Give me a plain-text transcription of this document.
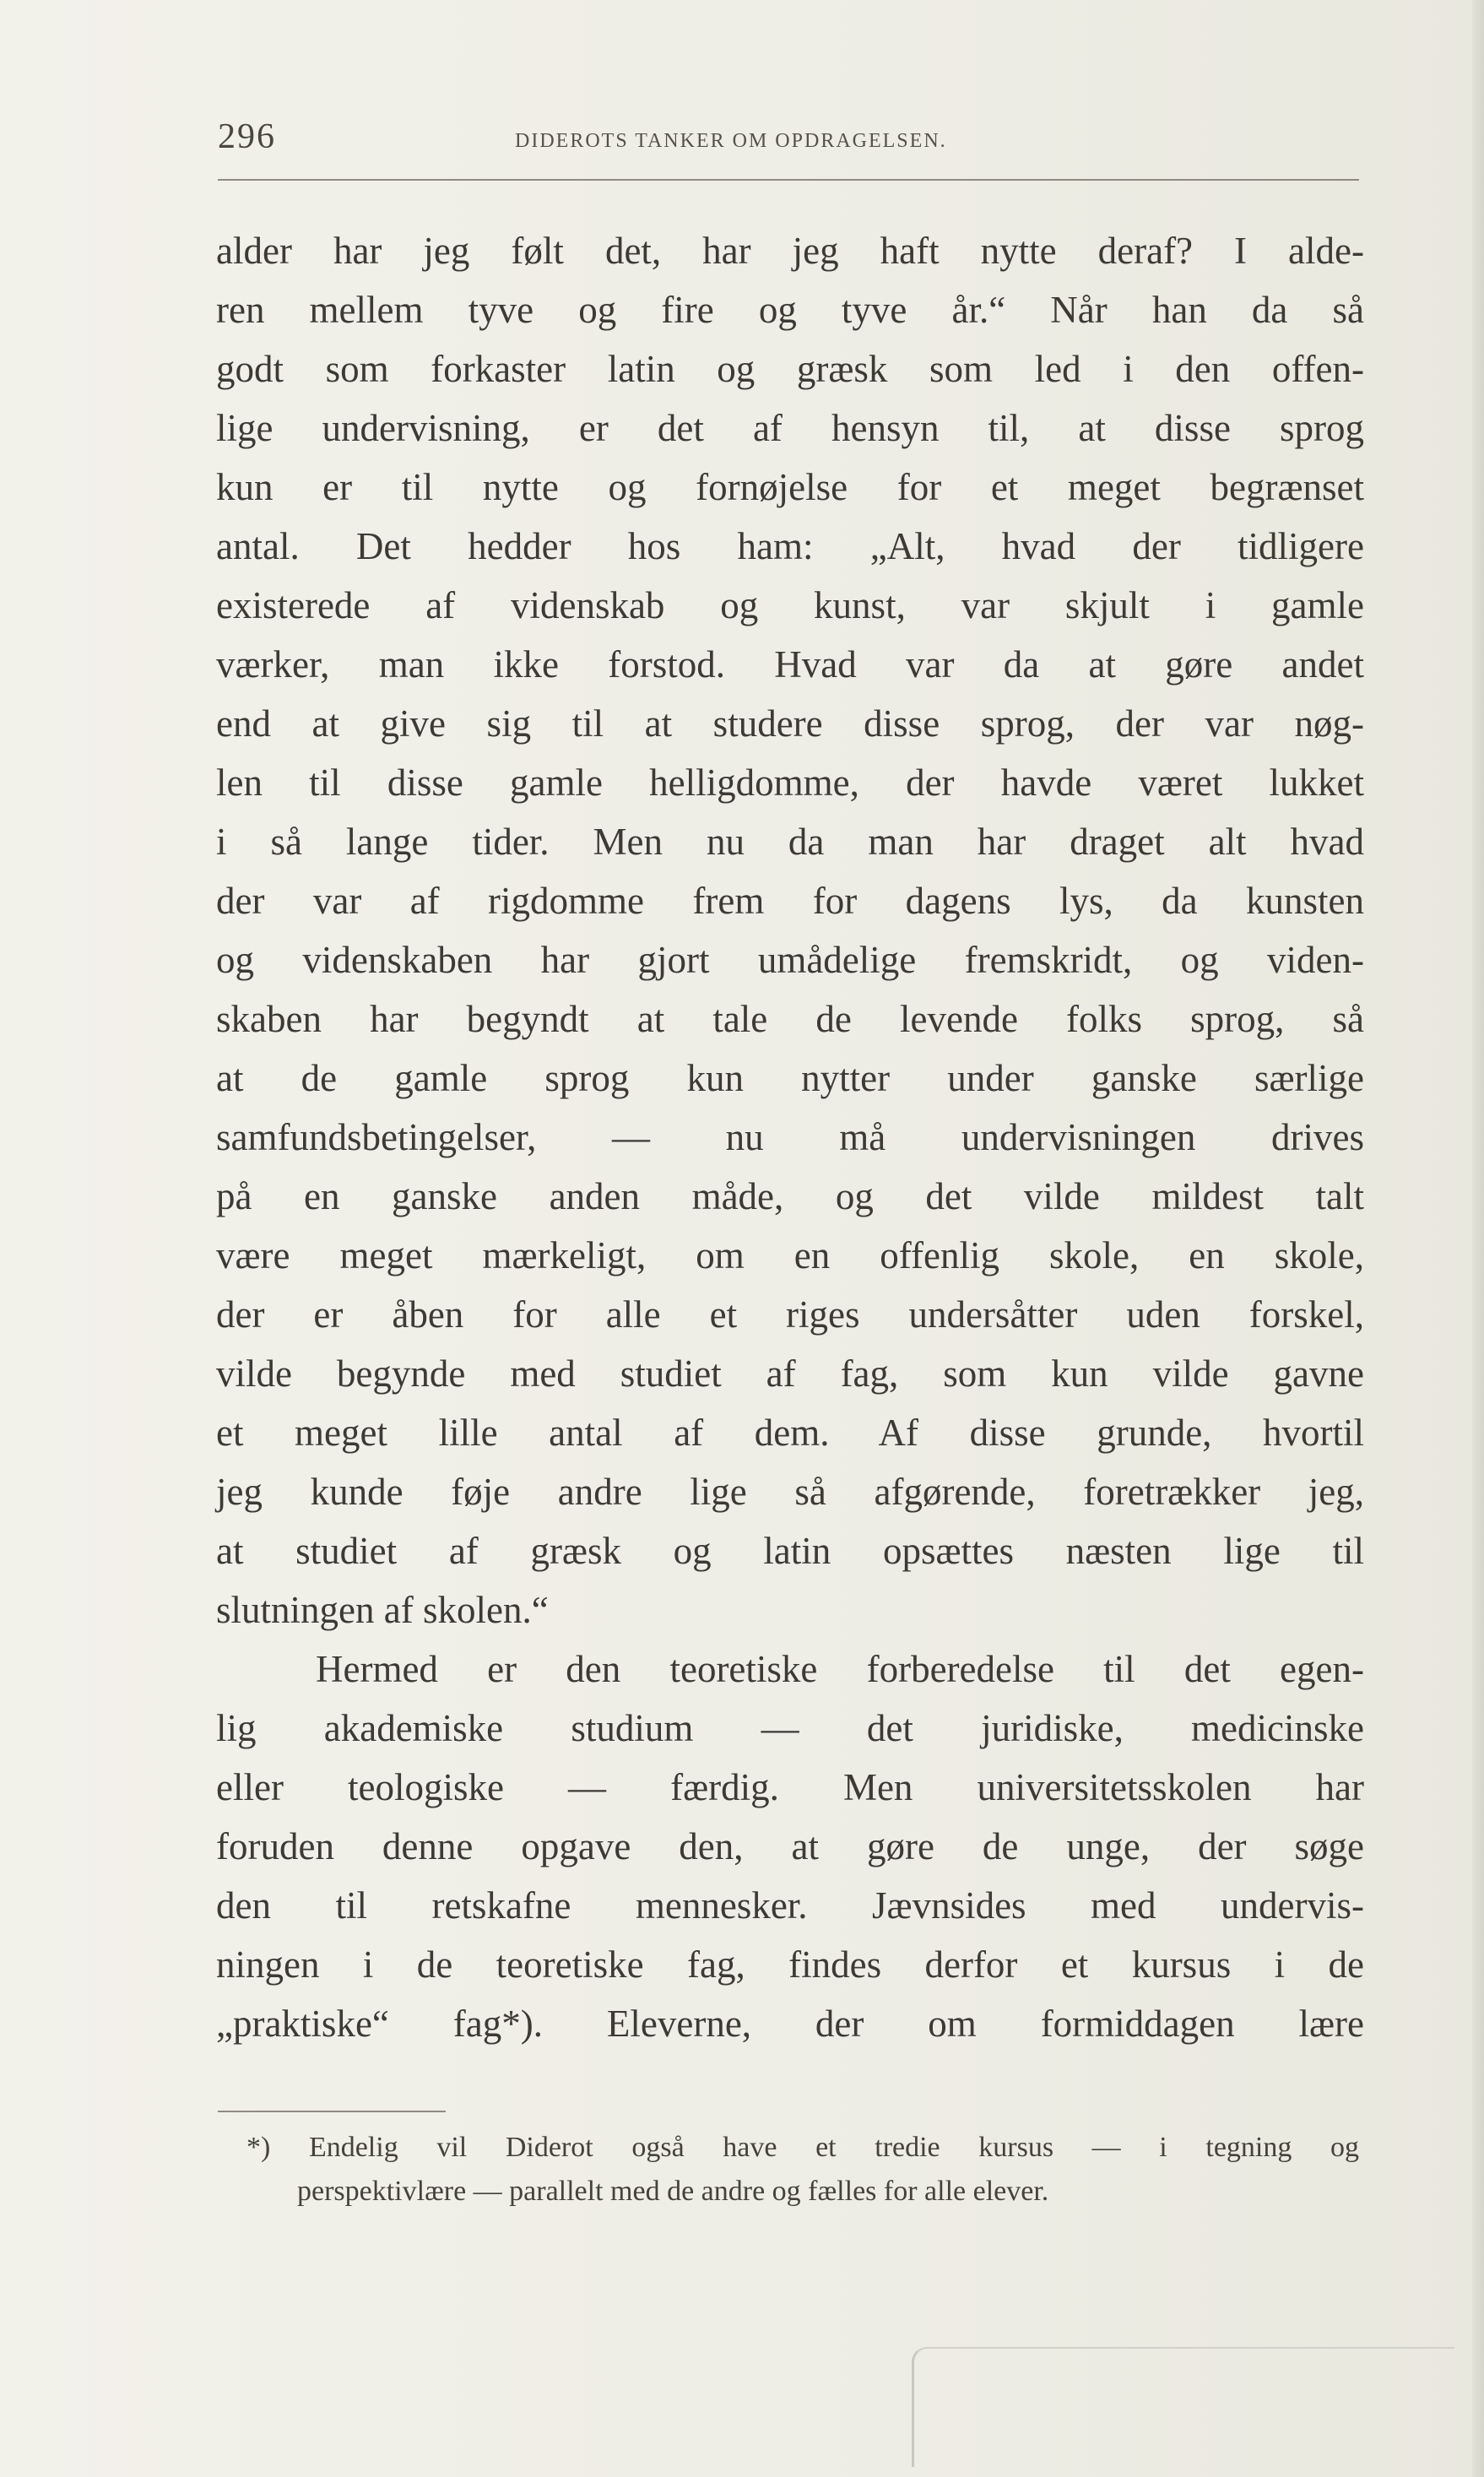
296	DIDEROTS TANKER OM OPDRAGELSEN.
alder har jeg følt det, har jeg haft nytte deraf? I alde-
ren mellem tyve og fire og tyve år.“ Når han da så
godt som forkaster latin og græsk som led i den offen-
lige undervisning, er det af hensyn til, at disse sprog
kun er til nytte og fornøjelse for et meget begrænset
antal. Det hedder hos ham: „Alt, hvad der tidligere
existerede af videnskab og kunst, var skjult i gamle
værker, man ikke forstod. Hvad var da at gøre andet
end at give sig til at studere disse sprog, der var nøg-
len til disse gamle helligdomme, der havde været lukket
i så lange tider. Men nu da man har draget alt hvad
der var af rigdomme frem for dagens lys, da kunsten
og videnskaben har gjort umådelige fremskridt, og viden-
skaben har begyndt at tale de levende folks sprog, så
at de gamle sprog kun nytter under ganske særlige
samfundsbetingelser, — nu må undervisningen drives
på en ganske anden måde, og det vilde mildest talt
være meget mærkeligt, om en offenlig skole, en skole,
der er åben for alle et riges undersåtter uden forskel,
vilde begynde med studiet af fag, som kun vilde gavne
et meget lille antal af dem. Af disse grunde, hvortil
jeg kunde føje andre lige så afgørende, foretrækker jeg,
at studiet af græsk og latin opsættes næsten lige til
slutningen af skolen.“
Hermed er den teoretiske forberedelse til det egen-
lig akademiske studium — det juridiske, medicinske
eller teologiske — færdig. Men universitetsskolen har
foruden denne opgave den, at gøre de unge, der søge
den til retskafne mennesker. Jævnsides med undervis-
ningen i de teoretiske fag, findes derfor et kursus i de
„praktiske“ fag*). Eleverne, der om formiddagen lære
*) Endelig vil Diderot også have et tredie kursus — i tegning og
perspektivlære — parallelt med de andre og fælles for alle elever.
